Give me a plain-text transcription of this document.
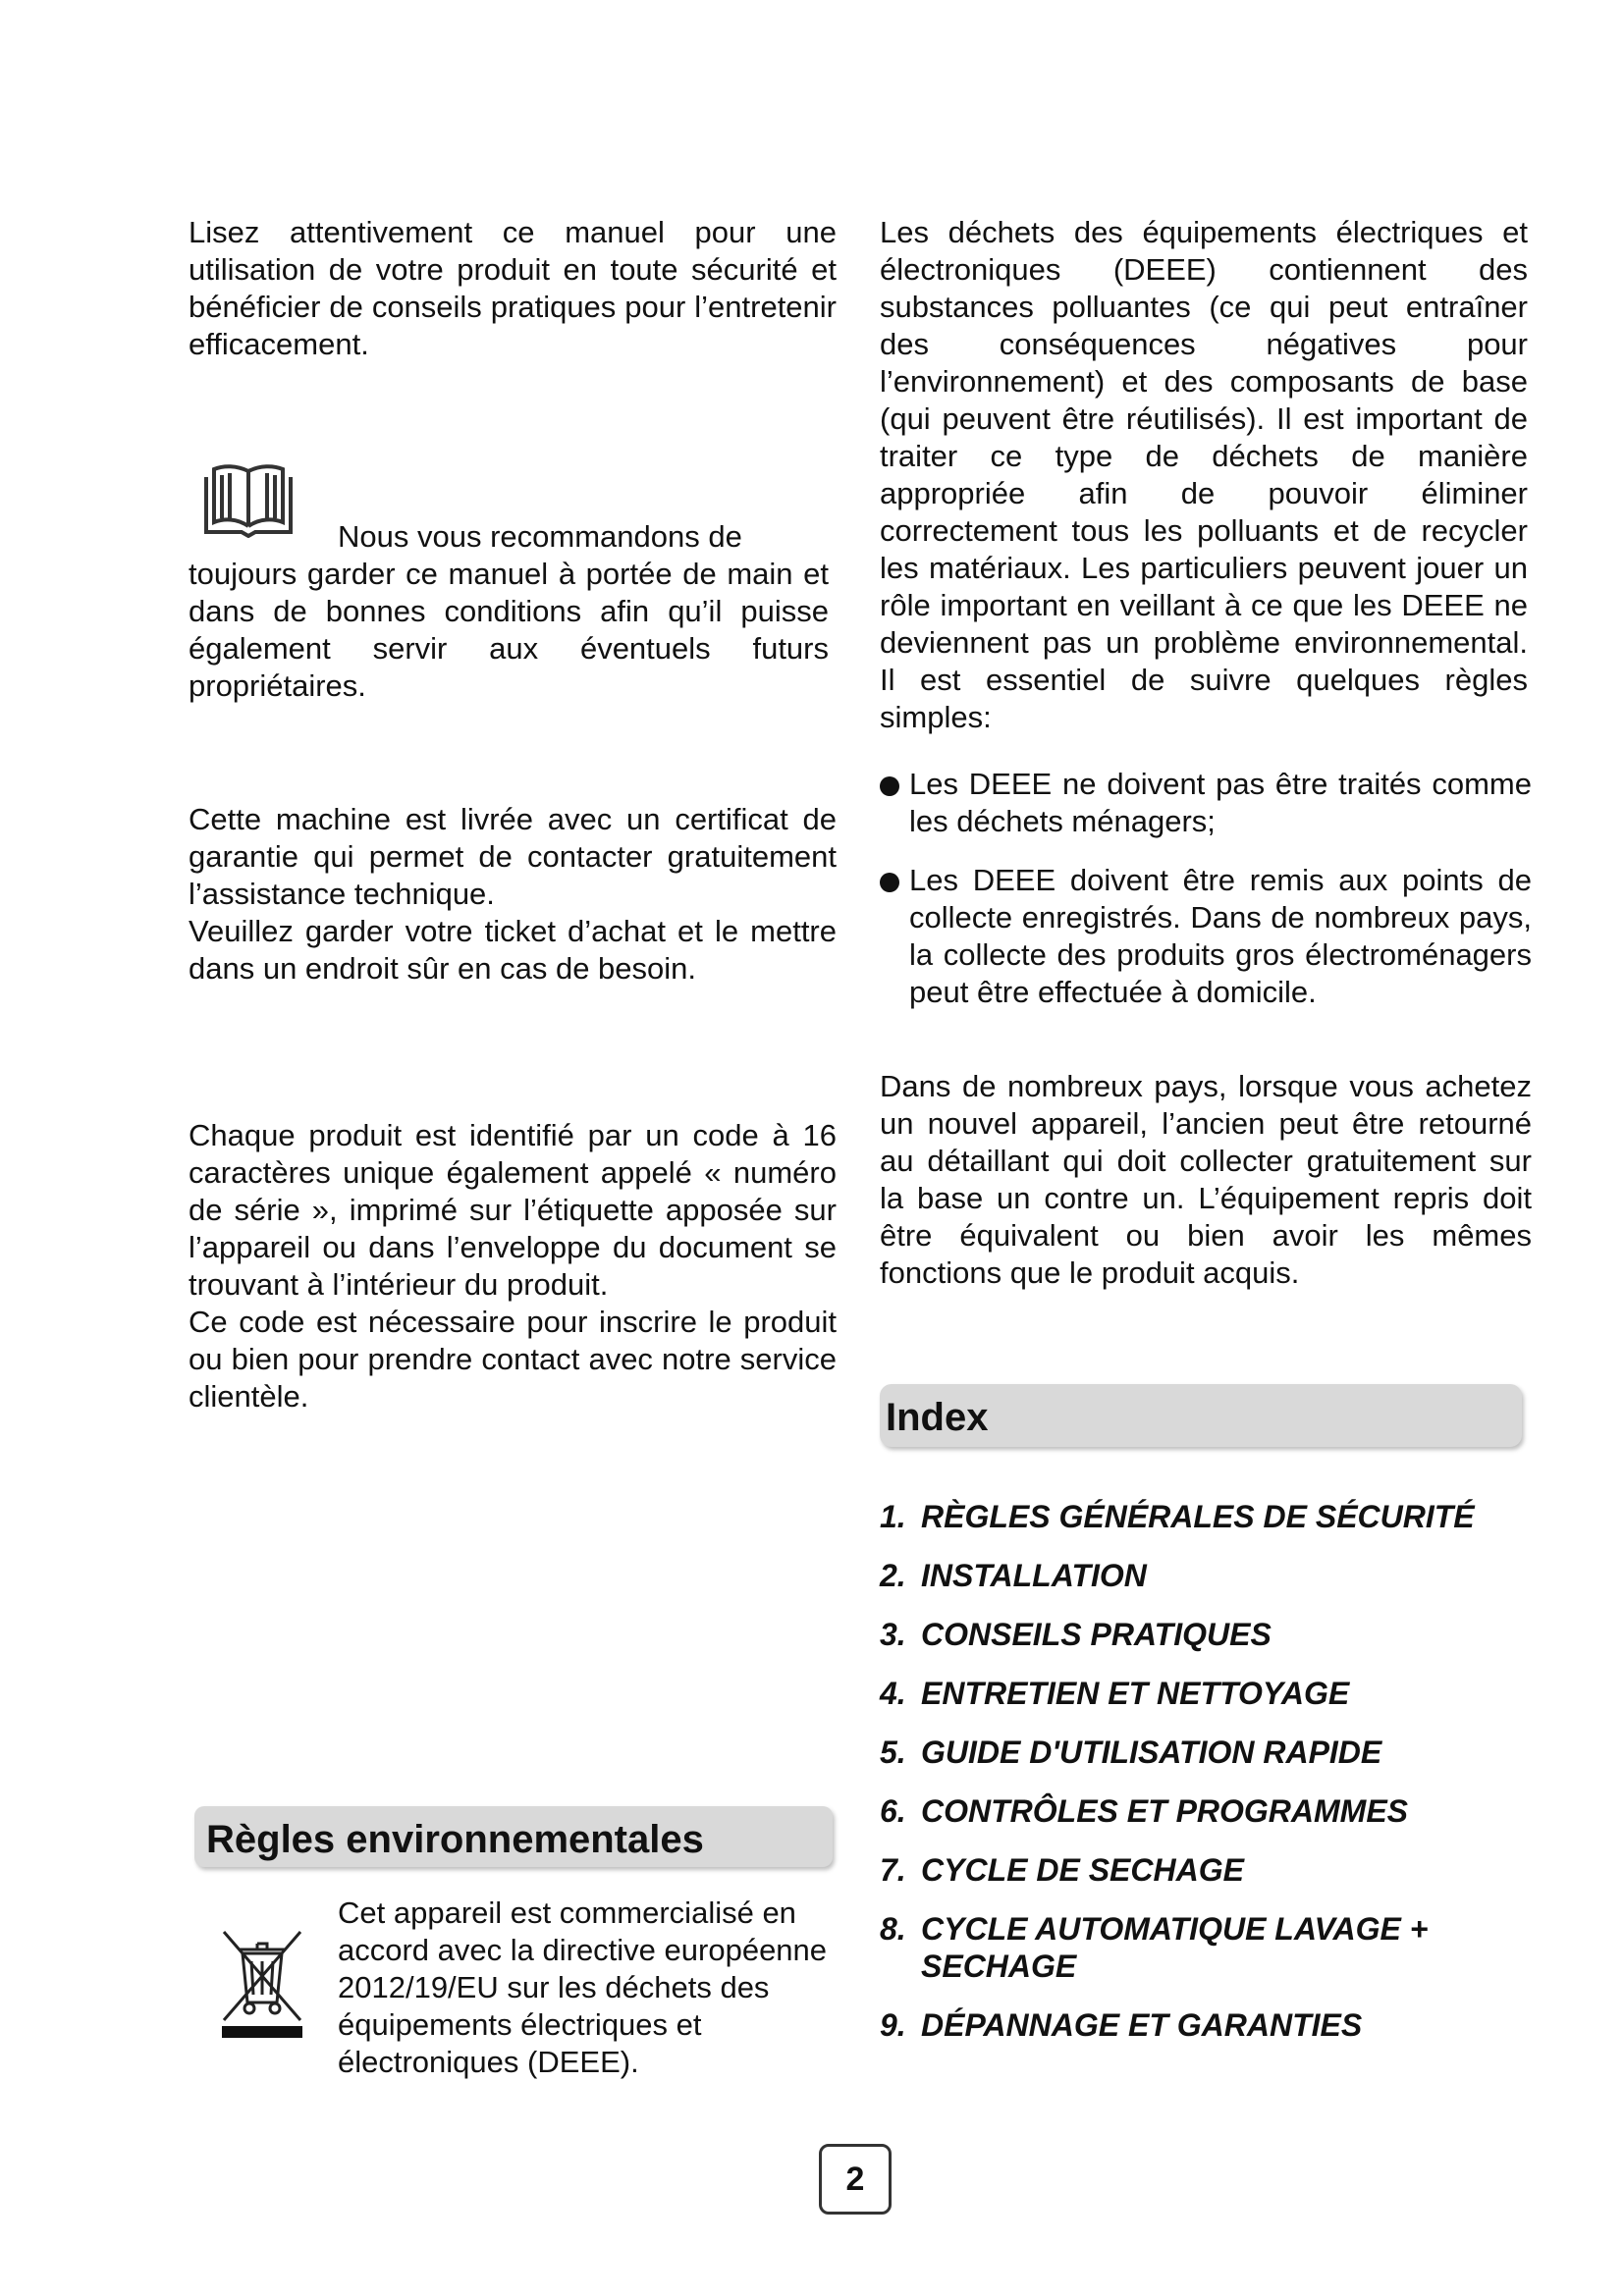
Lisez attentivement ce manuel pour une utilisation de votre produit en toute sécurité et bénéficier de conseils pratiques pour l’entretenir efficacement.

Nous vous recommandons de
toujours garder ce manuel à portée de main et dans de bonnes conditions afin qu’il puisse également servir aux éventuels futurs propriétaires.

Cette machine est livrée avec un certificat de garantie qui permet de contacter gratuitement l’assistance technique.

Veuillez garder votre ticket d’achat et le mettre dans un endroit sûr en cas de besoin.

Chaque produit est identifié par un code à 16 caractères unique également appelé « numéro de série », imprimé sur l’étiquette apposée sur l’appareil ou dans l’enveloppe du document se trouvant à l’intérieur du produit.

Ce code est nécessaire pour inscrire le produit ou bien pour prendre contact avec notre service clientèle.

Règles environnementales

Cet appareil est commercialisé en accord avec la directive européenne 2012/19/EU sur les déchets des équipements électriques et électroniques (DEEE).

Les déchets des équipements électriques et électroniques (DEEE) contiennent des substances polluantes (ce qui peut entraîner des conséquences négatives pour l’environnement) et des composants de base (qui peuvent être réutilisés). Il est important de traiter ce type de déchets de manière appropriée afin de pouvoir éliminer correctement tous les polluants et de recycler les matériaux. Les particuliers peuvent jouer un rôle important en veillant à ce que les DEEE ne deviennent pas un problème environnemental. Il est essentiel de suivre quelques règles simples:

Les DEEE ne doivent pas être traités comme les déchets ménagers;

Les DEEE doivent être remis aux points de collecte enregistrés. Dans de nombreux pays, la collecte des produits gros électroménagers peut être effectuée à domicile.

Dans de nombreux pays, lorsque vous achetez un nouvel appareil, l’ancien peut être retourné au détaillant qui doit collecter gratuitement sur la base un contre un. L’équipement repris doit être équivalent ou bien avoir les mêmes fonctions que le produit acquis.

Index
1. RÈGLES GÉNÉRALES DE SÉCURITÉ
2. INSTALLATION
3. CONSEILS PRATIQUES
4. ENTRETIEN ET NETTOYAGE
5. GUIDE D'UTILISATION RAPIDE
6. CONTRÔLES ET PROGRAMMES
7. CYCLE DE SECHAGE
8. CYCLE AUTOMATIQUE LAVAGE + SECHAGE
9. DÉPANNAGE ET GARANTIES
2
